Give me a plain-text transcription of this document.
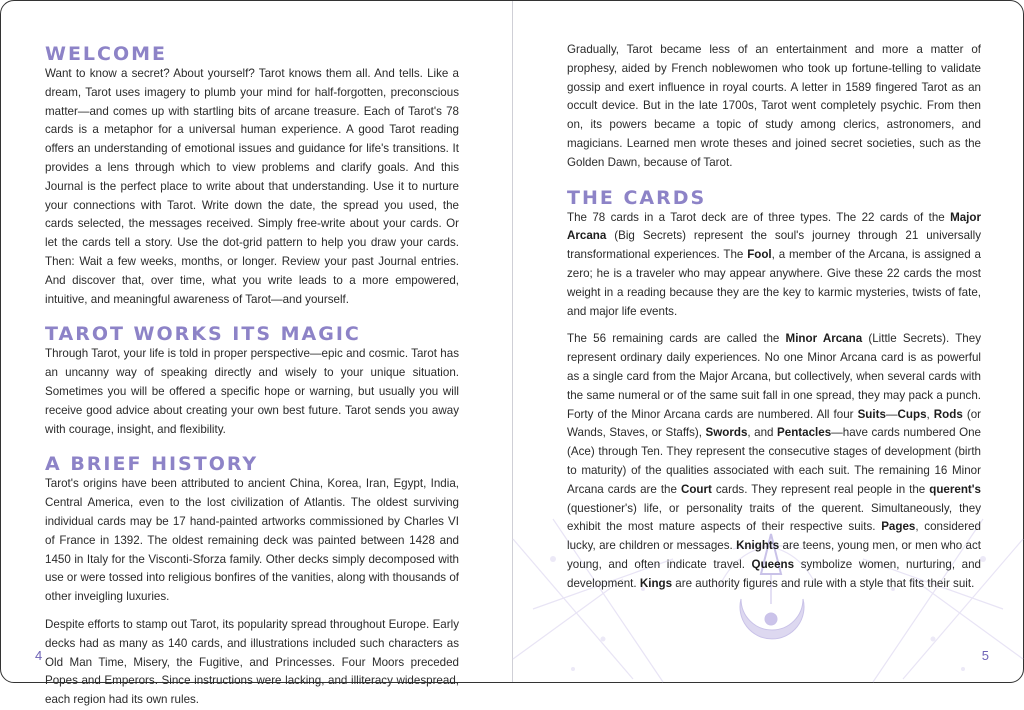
WELCOME

Want to know a secret? About yourself? Tarot knows them all. And tells. Like a dream, Tarot uses imagery to plumb your mind for half-forgotten, preconscious matter—and comes up with startling bits of arcane treasure. Each of Tarot's 78 cards is a metaphor for a universal human experience. A good Tarot reading offers an understanding of emotional issues and guidance for life's transitions. It provides a lens through which to view problems and clarify goals. And this Journal is the perfect place to write about that understanding. Use it to nurture your connections with Tarot. Write down the date, the spread you used, the cards selected, the messages received. Simply free-write about your cards. Or let the cards tell a story. Use the dot-grid pattern to help you draw your cards. Then: Wait a few weeks, months, or longer. Review your past Journal entries. And discover that, over time, what you write leads to a more empowered, intuitive, and meaningful awareness of Tarot—and yourself.

TAROT WORKS ITS MAGIC

Through Tarot, your life is told in proper perspective—epic and cosmic. Tarot has an uncanny way of speaking directly and wisely to your unique situation. Sometimes you will be offered a specific hope or warning, but usually you will receive good advice about creating your own best future. Tarot sends you away with courage, insight, and flexibility.

A BRIEF HISTORY

Tarot's origins have been attributed to ancient China, Korea, Iran, Egypt, India, Central America, even to the lost civilization of Atlantis. The oldest surviving individual cards may be 17 hand-painted artworks commissioned by Charles VI of France in 1392. The oldest remaining deck was painted between 1428 and 1450 in Italy for the Visconti-Sforza family. Other decks simply decomposed with use or were tossed into religious bonfires of the vanities, along with thousands of other inveigling luxuries.

Despite efforts to stamp out Tarot, its popularity spread throughout Europe. Early decks had as many as 140 cards, and illustrations included such characters as Old Man Time, Misery, the Fugitive, and Princesses. Four Moors preceded Popes and Emperors. Since instructions were lacking, and illiteracy widespread, each region had its own rules.

4

Gradually, Tarot became less of an entertainment and more a matter of prophesy, aided by French noblewomen who took up fortune-telling to validate gossip and exert influence in royal courts. A letter in 1589 fingered Tarot as an occult device. But in the late 1700s, Tarot went completely psychic. From then on, its powers became a topic of study among clerics, astronomers, and magicians. Learned men wrote theses and joined secret societies, such as the Golden Dawn, because of Tarot.

THE CARDS

The 78 cards in a Tarot deck are of three types. The 22 cards of the Major Arcana (Big Secrets) represent the soul's journey through 21 universally transformational experiences. The Fool, a member of the Arcana, is assigned a zero; he is a traveler who may appear anywhere. Give these 22 cards the most weight in a reading because they are the key to karmic mysteries, twists of fate, and major life events.

The 56 remaining cards are called the Minor Arcana (Little Secrets). They represent ordinary daily experiences. No one Minor Arcana card is as powerful as a single card from the Major Arcana, but collectively, when several cards with the same numeral or of the same suit fall in one spread, they may pack a punch. Forty of the Minor Arcana cards are numbered. All four Suits—Cups, Rods (or Wands, Staves, or Staffs), Swords, and Pentacles—have cards numbered One (Ace) through Ten. They represent the consecutive stages of development (birth to maturity) of the qualities associated with each suit. The remaining 16 Minor Arcana cards are the Court cards. They represent real people in the querent's (questioner's) life, or personality traits of the querent. Simultaneously, they exhibit the most mature aspects of their respective suits. Pages, considered lucky, are children or messages. Knights are teens, young men, or men who act young, and often indicate travel. Queens symbolize women, nurturing, and development. Kings are authority figures and rule with a style that fits their suit.

5
